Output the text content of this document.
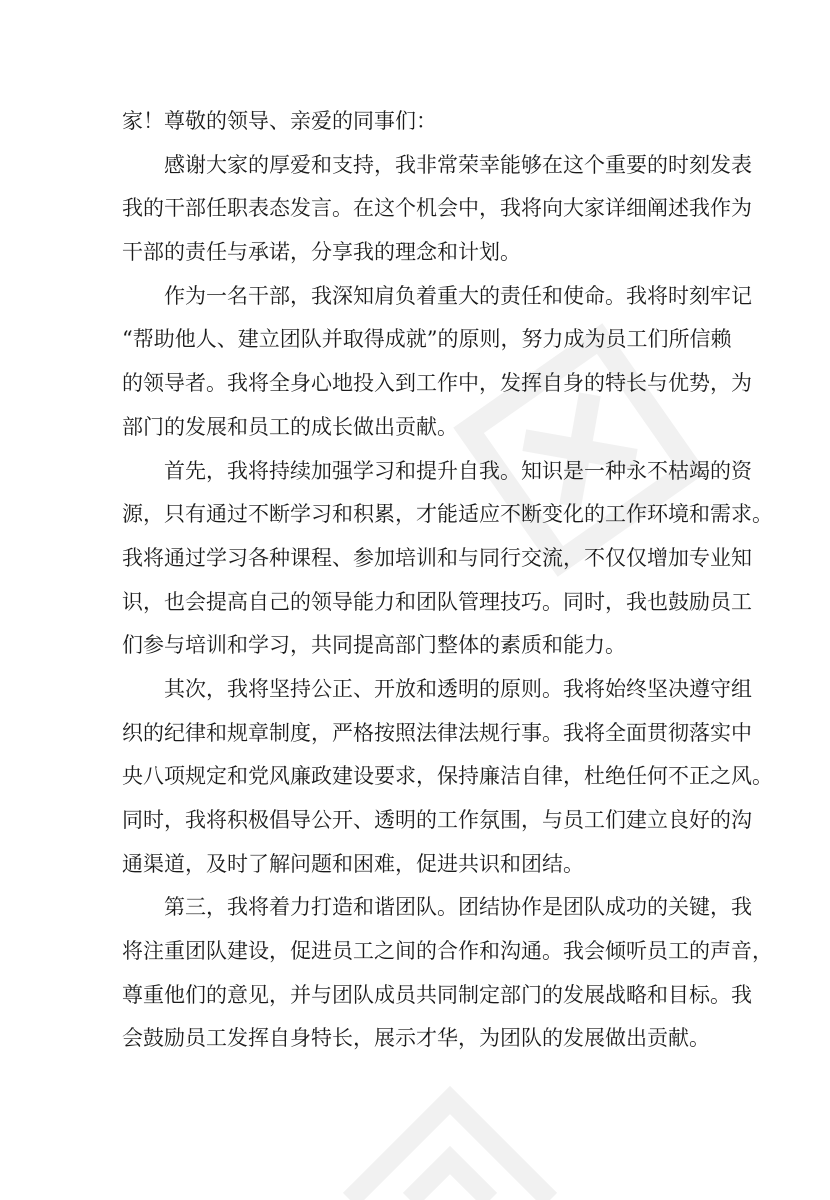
家！尊敬的领导、亲爱的同事们：
感谢大家的厚爱和支持，我非常荣幸能够在这个重要的时刻发表
我的干部任职表态发言。在这个机会中，我将向大家详细阐述我作为
干部的责任与承诺，分享我的理念和计划。
作为一名干部，我深知肩负着重大的责任和使命。我将时刻牢记
“帮助他人、建立团队并取得成就”的原则，努力成为员工们所信赖
的领导者。我将全身心地投入到工作中，发挥自身的特长与优势，为
部门的发展和员工的成长做出贡献。
首先，我将持续加强学习和提升自我。知识是一种永不枯竭的资
源，只有通过不断学习和积累，才能适应不断变化的工作环境和需求。
我将通过学习各种课程、参加培训和与同行交流，不仅仅增加专业知
识，也会提高自己的领导能力和团队管理技巧。同时，我也鼓励员工
们参与培训和学习，共同提高部门整体的素质和能力。
其次，我将坚持公正、开放和透明的原则。我将始终坚决遵守组
织的纪律和规章制度，严格按照法律法规行事。我将全面贯彻落实中
央八项规定和党风廉政建设要求，保持廉洁自律，杜绝任何不正之风。
同时，我将积极倡导公开、透明的工作氛围，与员工们建立良好的沟
通渠道，及时了解问题和困难，促进共识和团结。
第三，我将着力打造和谐团队。团结协作是团队成功的关键，我
将注重团队建设，促进员工之间的合作和沟通。我会倾听员工的声音，
尊重他们的意见，并与团队成员共同制定部门的发展战略和目标。我
会鼓励员工发挥自身特长，展示才华，为团队的发展做出贡献。
